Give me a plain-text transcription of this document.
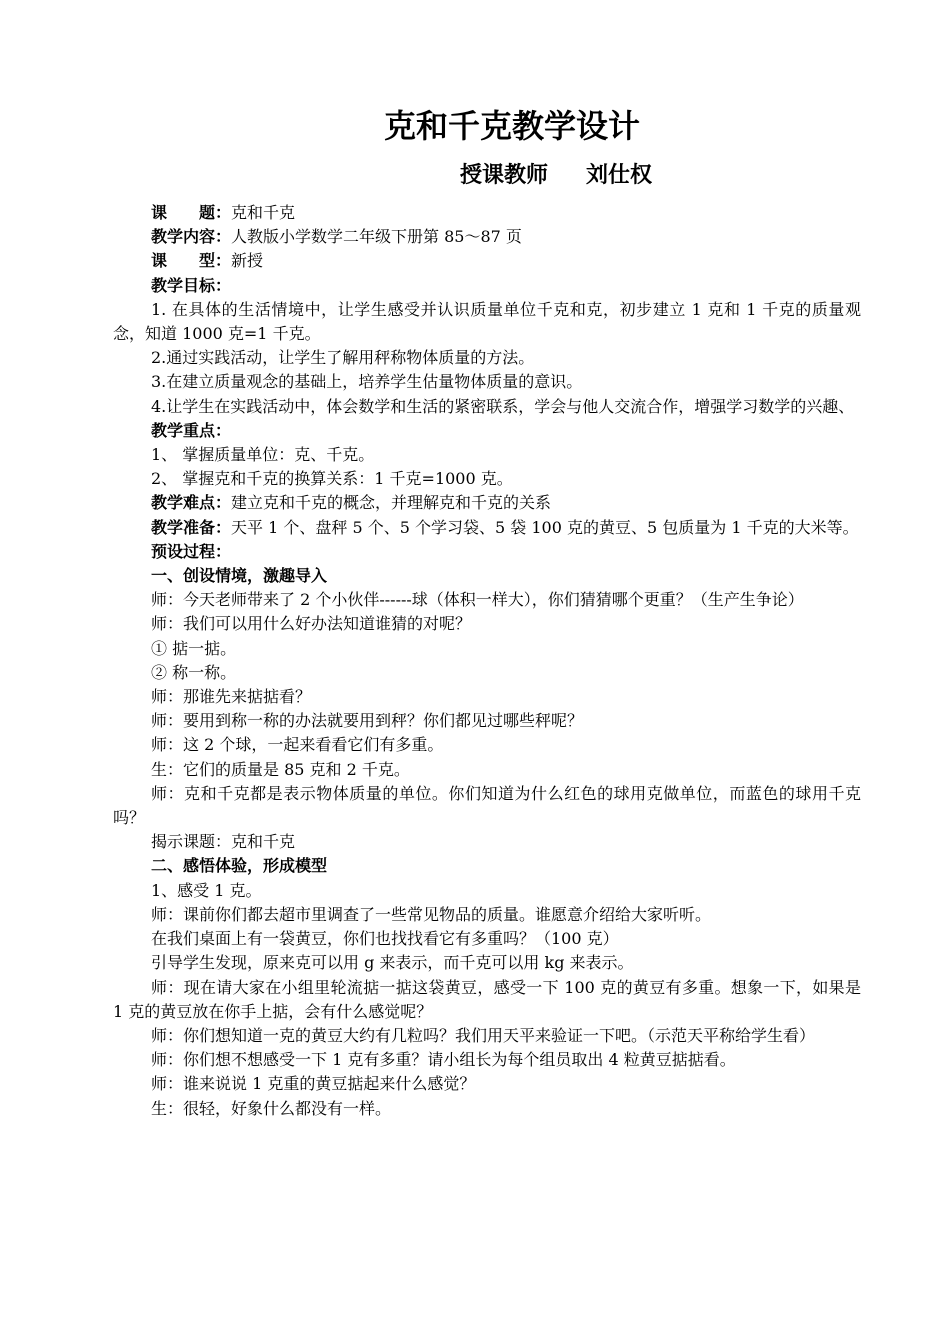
克和千克教学设计
授课教师 刘仕权

课　　题：克和千克

教学内容：人教版小学数学二年级下册第 85～87 页

课　　型：新授

教学目标：

1. 在具体的生活情境中，让学生感受并认识质量单位千克和克，初步建立 1 克和 1 千克的质量观念，知道 1000 克=1 千克。

2.通过实践活动，让学生了解用秤称物体质量的方法。

3.在建立质量观念的基础上，培养学生估量物体质量的意识。

4.让学生在实践活动中，体会数学和生活的紧密联系，学会与他人交流合作，增强学习数学的兴趣、

教学重点：

1、 掌握质量单位：克、千克。

2、 掌握克和千克的换算关系：1 千克=1000 克。

教学难点：建立克和千克的概念，并理解克和千克的关系

教学准备：天平 1 个、盘秤 5 个、5 个学习袋、5 袋 100 克的黄豆、5 包质量为 1 千克的大米等。

预设过程：

一、创设情境，激趣导入

师：今天老师带来了 2 个小伙伴------球（体积一样大），你们猜猜哪个更重？（生产生争论）

师：我们可以用什么好办法知道谁猜的对呢？

① 掂一掂。

② 称一称。

师：那谁先来掂掂看？

师：要用到称一称的办法就要用到秤？你们都见过哪些秤呢？

师：这 2 个球，一起来看看它们有多重。

生：它们的质量是 85 克和 2 千克。

师：克和千克都是表示物体质量的单位。你们知道为什么红色的球用克做单位，而蓝色的球用千克吗？

揭示课题：克和千克

二、感悟体验，形成模型

1、感受 1 克。

师：课前你们都去超市里调查了一些常见物品的质量。谁愿意介绍给大家听听。

在我们桌面上有一袋黄豆，你们也找找看它有多重吗？（100 克）

引导学生发现，原来克可以用 g 来表示，而千克可以用 kg 来表示。

师：现在请大家在小组里轮流掂一掂这袋黄豆，感受一下 100 克的黄豆有多重。想象一下，如果是 1 克的黄豆放在你手上掂，会有什么感觉呢？

师：你们想知道一克的黄豆大约有几粒吗？我们用天平来验证一下吧。（示范天平称给学生看）

师：你们想不想感受一下 1 克有多重？请小组长为每个组员取出 4 粒黄豆掂掂看。

师：谁来说说 1 克重的黄豆掂起来什么感觉？

生：很轻，好象什么都没有一样。
